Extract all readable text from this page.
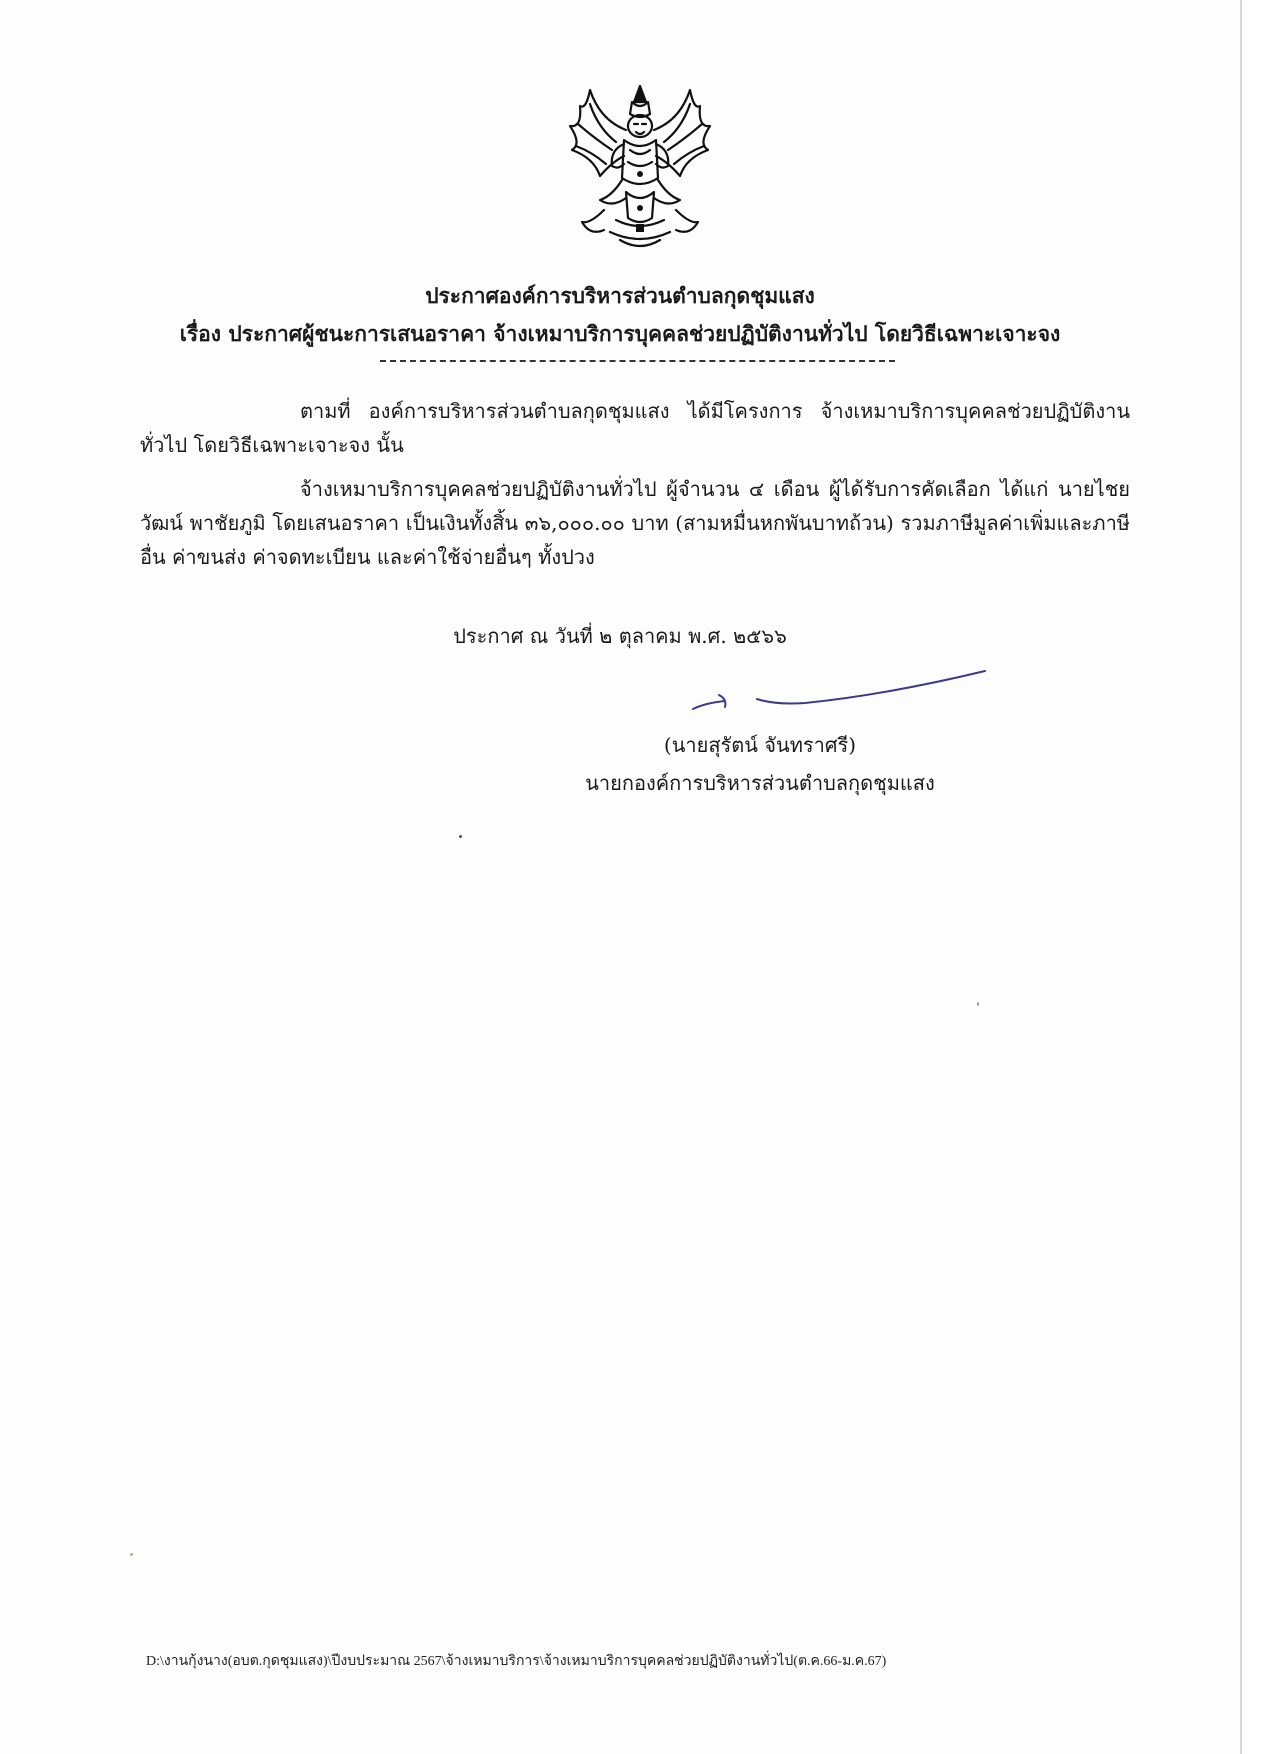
ประกาศองค์การบริหารส่วนตำบลกุดชุมแสง
เรื่อง ประกาศผู้ชนะการเสนอราคา จ้างเหมาบริการบุคคลช่วยปฏิบัติงานทั่วไป โดยวิธีเฉพาะเจาะจง
ตามที่ องค์การบริหารส่วนตำบลกุดชุมแสง ได้มีโครงการ จ้างเหมาบริการบุคคลช่วยปฏิบัติงานทั่วไป โดยวิธีเฉพาะเจาะจง นั้น
จ้างเหมาบริการบุคคลช่วยปฏิบัติงานทั่วไป ผู้จำนวน ๔ เดือน ผู้ได้รับการคัดเลือก ได้แก่ นายไชยวัฒน์ พาชัยภูมิ โดยเสนอราคา เป็นเงินทั้งสิ้น ๓๖,๐๐๐.๐๐ บาท (สามหมื่นหกพันบาทถ้วน) รวมภาษีมูลค่าเพิ่มและภาษีอื่น ค่าขนส่ง ค่าจดทะเบียน และค่าใช้จ่ายอื่นๆ ทั้งปวง
ประกาศ ณ วันที่ ๒ ตุลาคม พ.ศ. ๒๕๖๖
(นายสุรัตน์ จันทราศรี)
นายกองค์การบริหารส่วนตำบลกุดชุมแสง
D:\งานกุ้งนาง(อบต.กุดชุมแสง)\ปีงบประมาณ 2567\จ้างเหมาบริการ\จ้างเหมาบริการบุคคลช่วยปฏิบัติงานทั่วไป(ต.ค.66-ม.ค.67)
